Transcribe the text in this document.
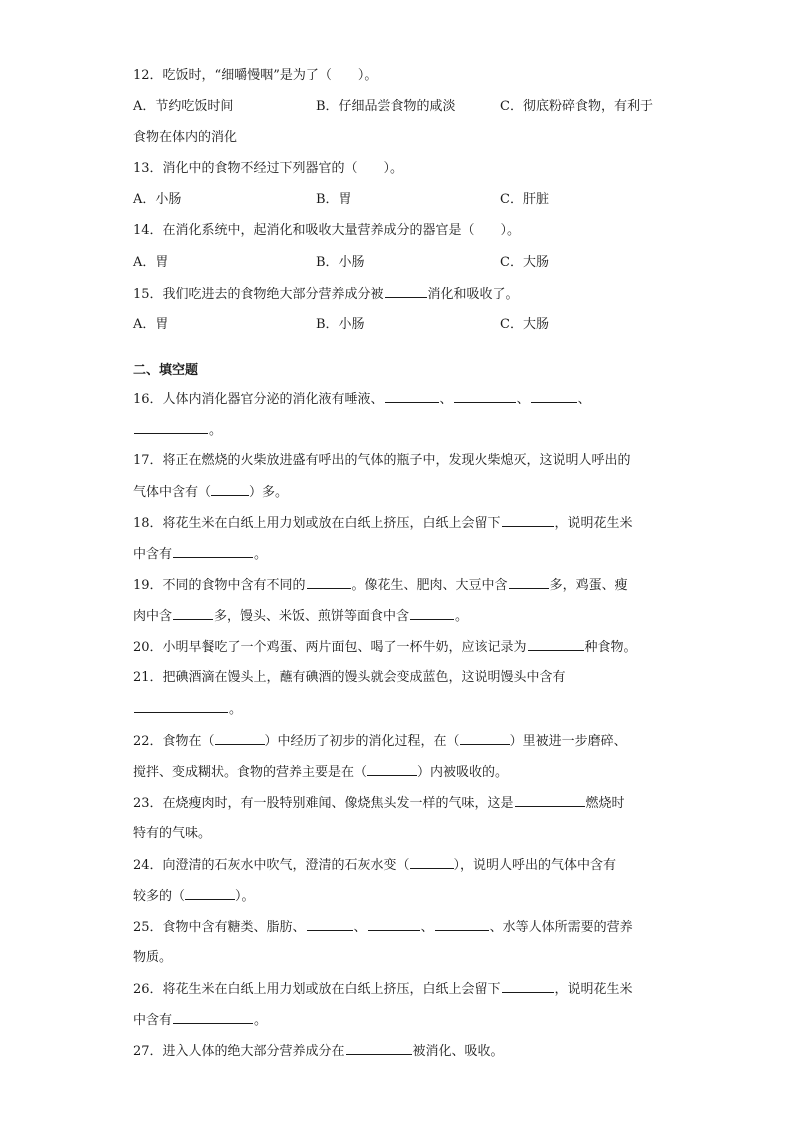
12．吃饭时，“细嚼慢咽”是为了（　　）。
A．节约吃饭时间	B．仔细品尝食物的咸淡	C．彻底粉碎食物，有利于
食物在体内的消化
13．消化中的食物不经过下列器官的（　　）。
A．小肠	B．胃	C．肝脏
14．在消化系统中，起消化和吸收大量营养成分的器官是（　　）。
A．胃	B．小肠	C．大肠
15．我们吃进去的食物绝大部分营养成分被	消化和吸收了。
A．胃	B．小肠	C．大肠
二、填空题
16．人体内消化器官分泌的消化液有唾液、	、	、	、
。
17．将正在燃烧的火柴放进盛有呼出的气体的瓶子中，发现火柴熄灭，这说明人呼出的
气体中含有（	）多。
18．将花生米在白纸上用力划或放在白纸上挤压，白纸上会留下	，说明花生米
中含有	。
19．不同的食物中含有不同的	。像花生、肥肉、大豆中含	多，鸡蛋、瘦
肉中含	多，馒头、米饭、煎饼等面食中含	。
20．小明早餐吃了一个鸡蛋、两片面包、喝了一杯牛奶，应该记录为	种食物。
21．把碘酒滴在馒头上，蘸有碘酒的馒头就会变成蓝色，这说明馒头中含有
。
22．食物在（	）中经历了初步的消化过程，在（	）里被进一步磨碎、
搅拌、变成糊状。食物的营养主要是在（	）内被吸收的。
23．在烧瘦肉时，有一股特别难闻、像烧焦头发一样的气味，这是	燃烧时
特有的气味。
24．向澄清的石灰水中吹气，澄清的石灰水变（	），说明人呼出的气体中含有
较多的（	）。
25．食物中含有糖类、脂肪、	、	、	、水等人体所需要的营养
物质。
26．将花生米在白纸上用力划或放在白纸上挤压，白纸上会留下	，说明花生米
中含有	。
27．进入人体的绝大部分营养成分在	被消化、吸收。
